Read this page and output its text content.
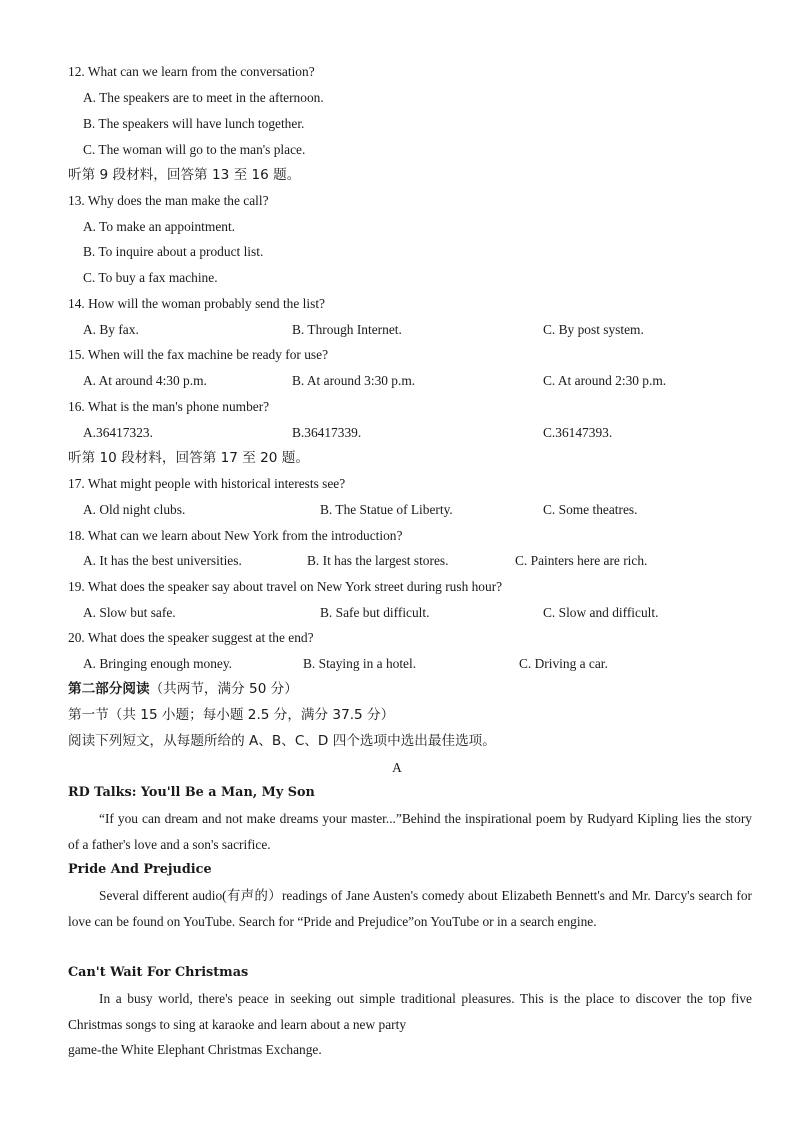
12. What can we learn from the conversation?
A. The speakers are to meet in the afternoon.
B. The speakers will have lunch together.
C. The woman will go to the man's place.
听第 9 段材料，回答第 13 至 16 题。
13. Why does the man make the call?
A. To make an appointment.
B. To inquire about a product list.
C. To buy a fax machine.
14. How will the woman probably send the list?
A. By fax.	B. Through Internet.	C. By post system.
15. When will the fax machine be ready for use?
A. At around 4:30 p.m.	B. At around 3:30 p.m.	C. At around 2:30 p.m.
16. What is the man's phone number?
A.36417323.	B.36417339.	C.36147393.
听第 10 段材料，回答第 17 至 20 题。
17. What might people with historical interests see?
A. Old night clubs.	B. The Statue of Liberty.	C. Some theatres.
18. What can we learn about New York from the introduction?
A. It has the best universities.	B. It has the largest stores.	C. Painters here are rich.
19. What does the speaker say about travel on New York street during rush hour?
A. Slow but safe.	B. Safe but difficult.	C. Slow and difficult.
20. What does the speaker suggest at the end?
A. Bringing enough money.	B. Staying in a hotel.	C. Driving a car.
第二部分阅读（共两节，满分 50 分）
第一节（共 15 小题；每小题 2.5 分，满分 37.5 分）
阅读下列短文，从每题所给的 A、B、C、D 四个选项中选出最佳选项。
A
RD Talks: You'll Be a Man, My Son
“If you can dream and not make dreams your master...”Behind the inspirational poem by Rudyard Kipling lies the story of a father's love and a son's sacrifice.
Pride And Prejudice
Several different audio(有声的）readings of Jane Austen's comedy about Elizabeth Bennett's and Mr. Darcy's search for love can be found on YouTube. Search for “Pride and Prejudice”on YouTube or in a search engine.
Can't Wait For Christmas
In a busy world, there's peace in seeking out simple traditional pleasures. This is the place to discover the top five Christmas songs to sing at karaoke and learn about a new party
game-the White Elephant Christmas Exchange.
